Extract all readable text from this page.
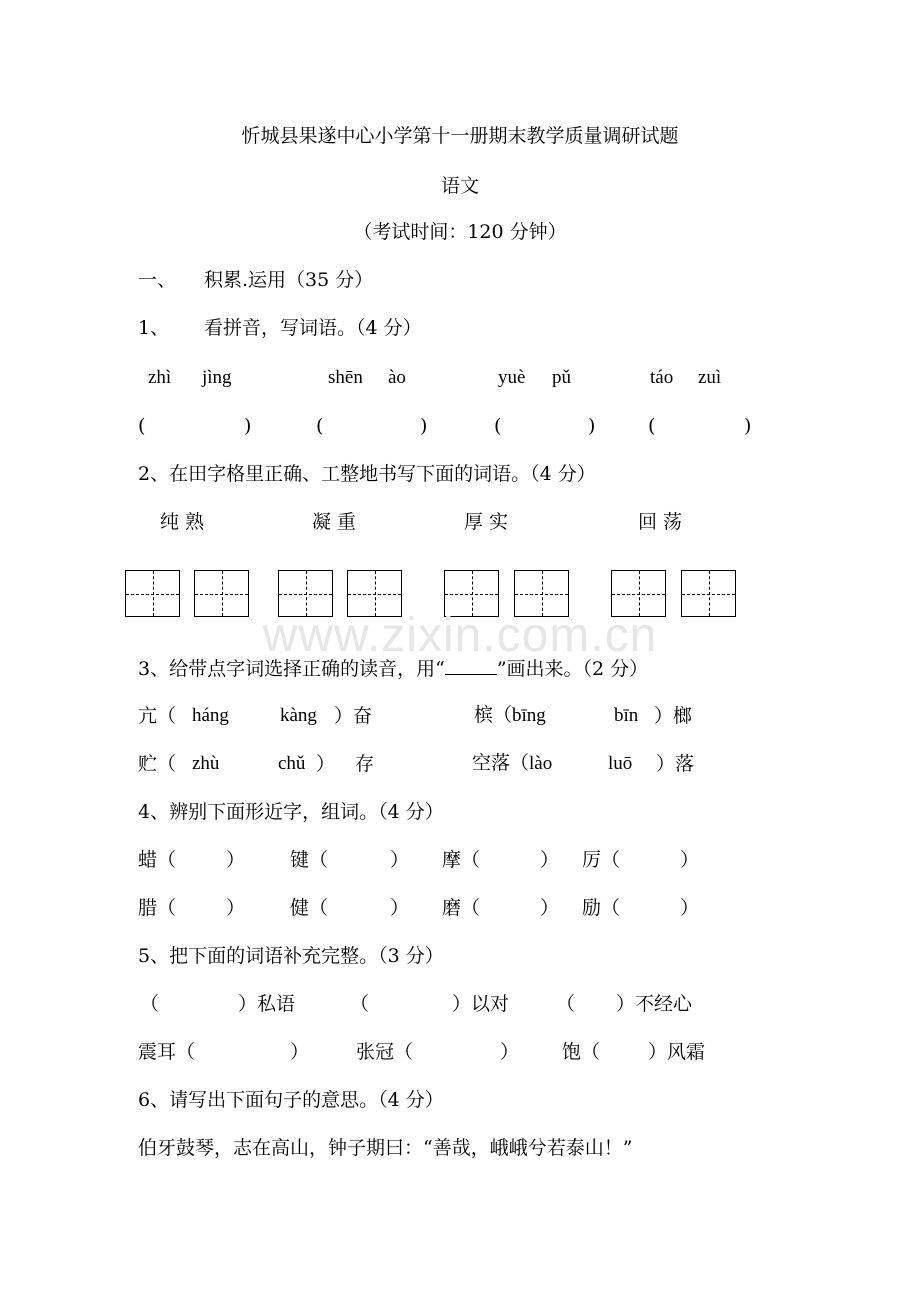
忻城县果遂中心小学第十一册期末教学质量调研试题
语文
（考试时间：120 分钟）
一、 积累.运用（35 分）
1、 看拼音，写词语。（4 分）
zhì jìng	shēn ào	yuè pǔ	táo zuì
(	)	(	)	(	)	(	)
2、在田字格里正确、工整地书写下面的词语。（4 分）
纯 熟	凝 重	厚 实	回 荡
www.zixin.com.cn
3、给带点字词选择正确的读音，用“	”画出来。（2 分）
亢（ háng	kàng ）奋	槟（bīng	bīn ）榔
贮（ zhù	chǔ ） 存	空落（lào	luō ）落
4、辨别下面形近字，组词。（4 分）
蜡（	） 键（	） 摩（	） 厉（	）
腊（	） 健（	） 磨（	） 励（	）
5、把下面的词语补充完整。（3 分）
（	）私语	（	）以对 （ ）不经心
震耳（	） 张冠（	） 饱（	）风霜
6、请写出下面句子的意思。（4 分）
伯牙鼓琴，志在高山，钟子期曰：“善哉，峨峨兮若泰山！”
